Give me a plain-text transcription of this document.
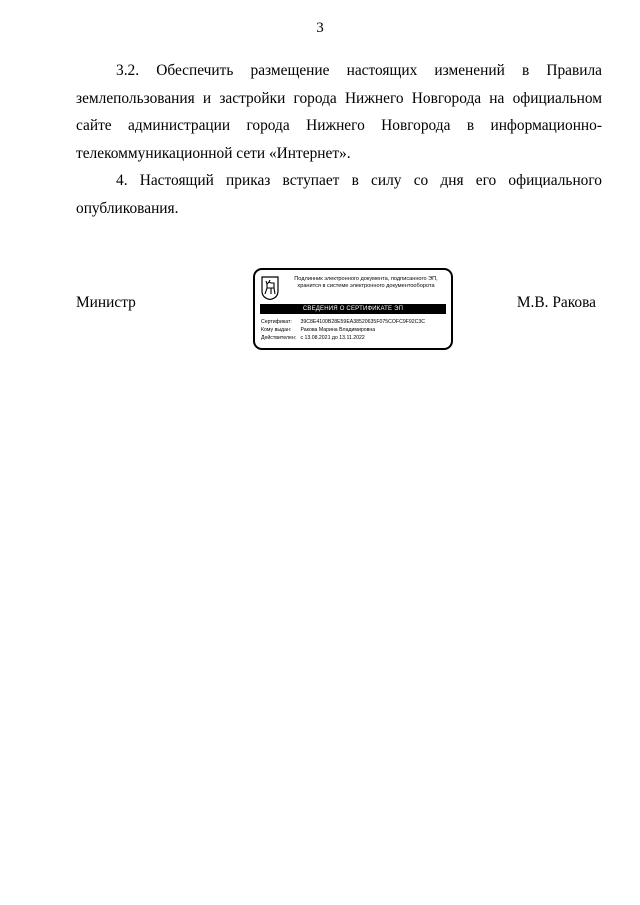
3

3.2. Обеспечить размещение настоящих изменений в Правила землепользования и застройки города Нижнего Новгорода на официальном сайте администрации города Нижнего Новгорода в информационно-телекоммуникационной сети «Интернет».

4. Настоящий приказ вступает в силу со дня его официального опубликования.

Министр
Подлинник электронного документа, подписанного ЭП,
хранится в системе электронного документооборота
СВЕДЕНИЯ О СЕРТИФИКАТЕ ЭП
Сертификат: 39C8E4100B28E59EA38520635F075COFC9F92C3C
Кому выдан: Ракова Марина Владимировна
Действителен: с 13.08.2021 до 13.11.2022
М.В. Ракова
